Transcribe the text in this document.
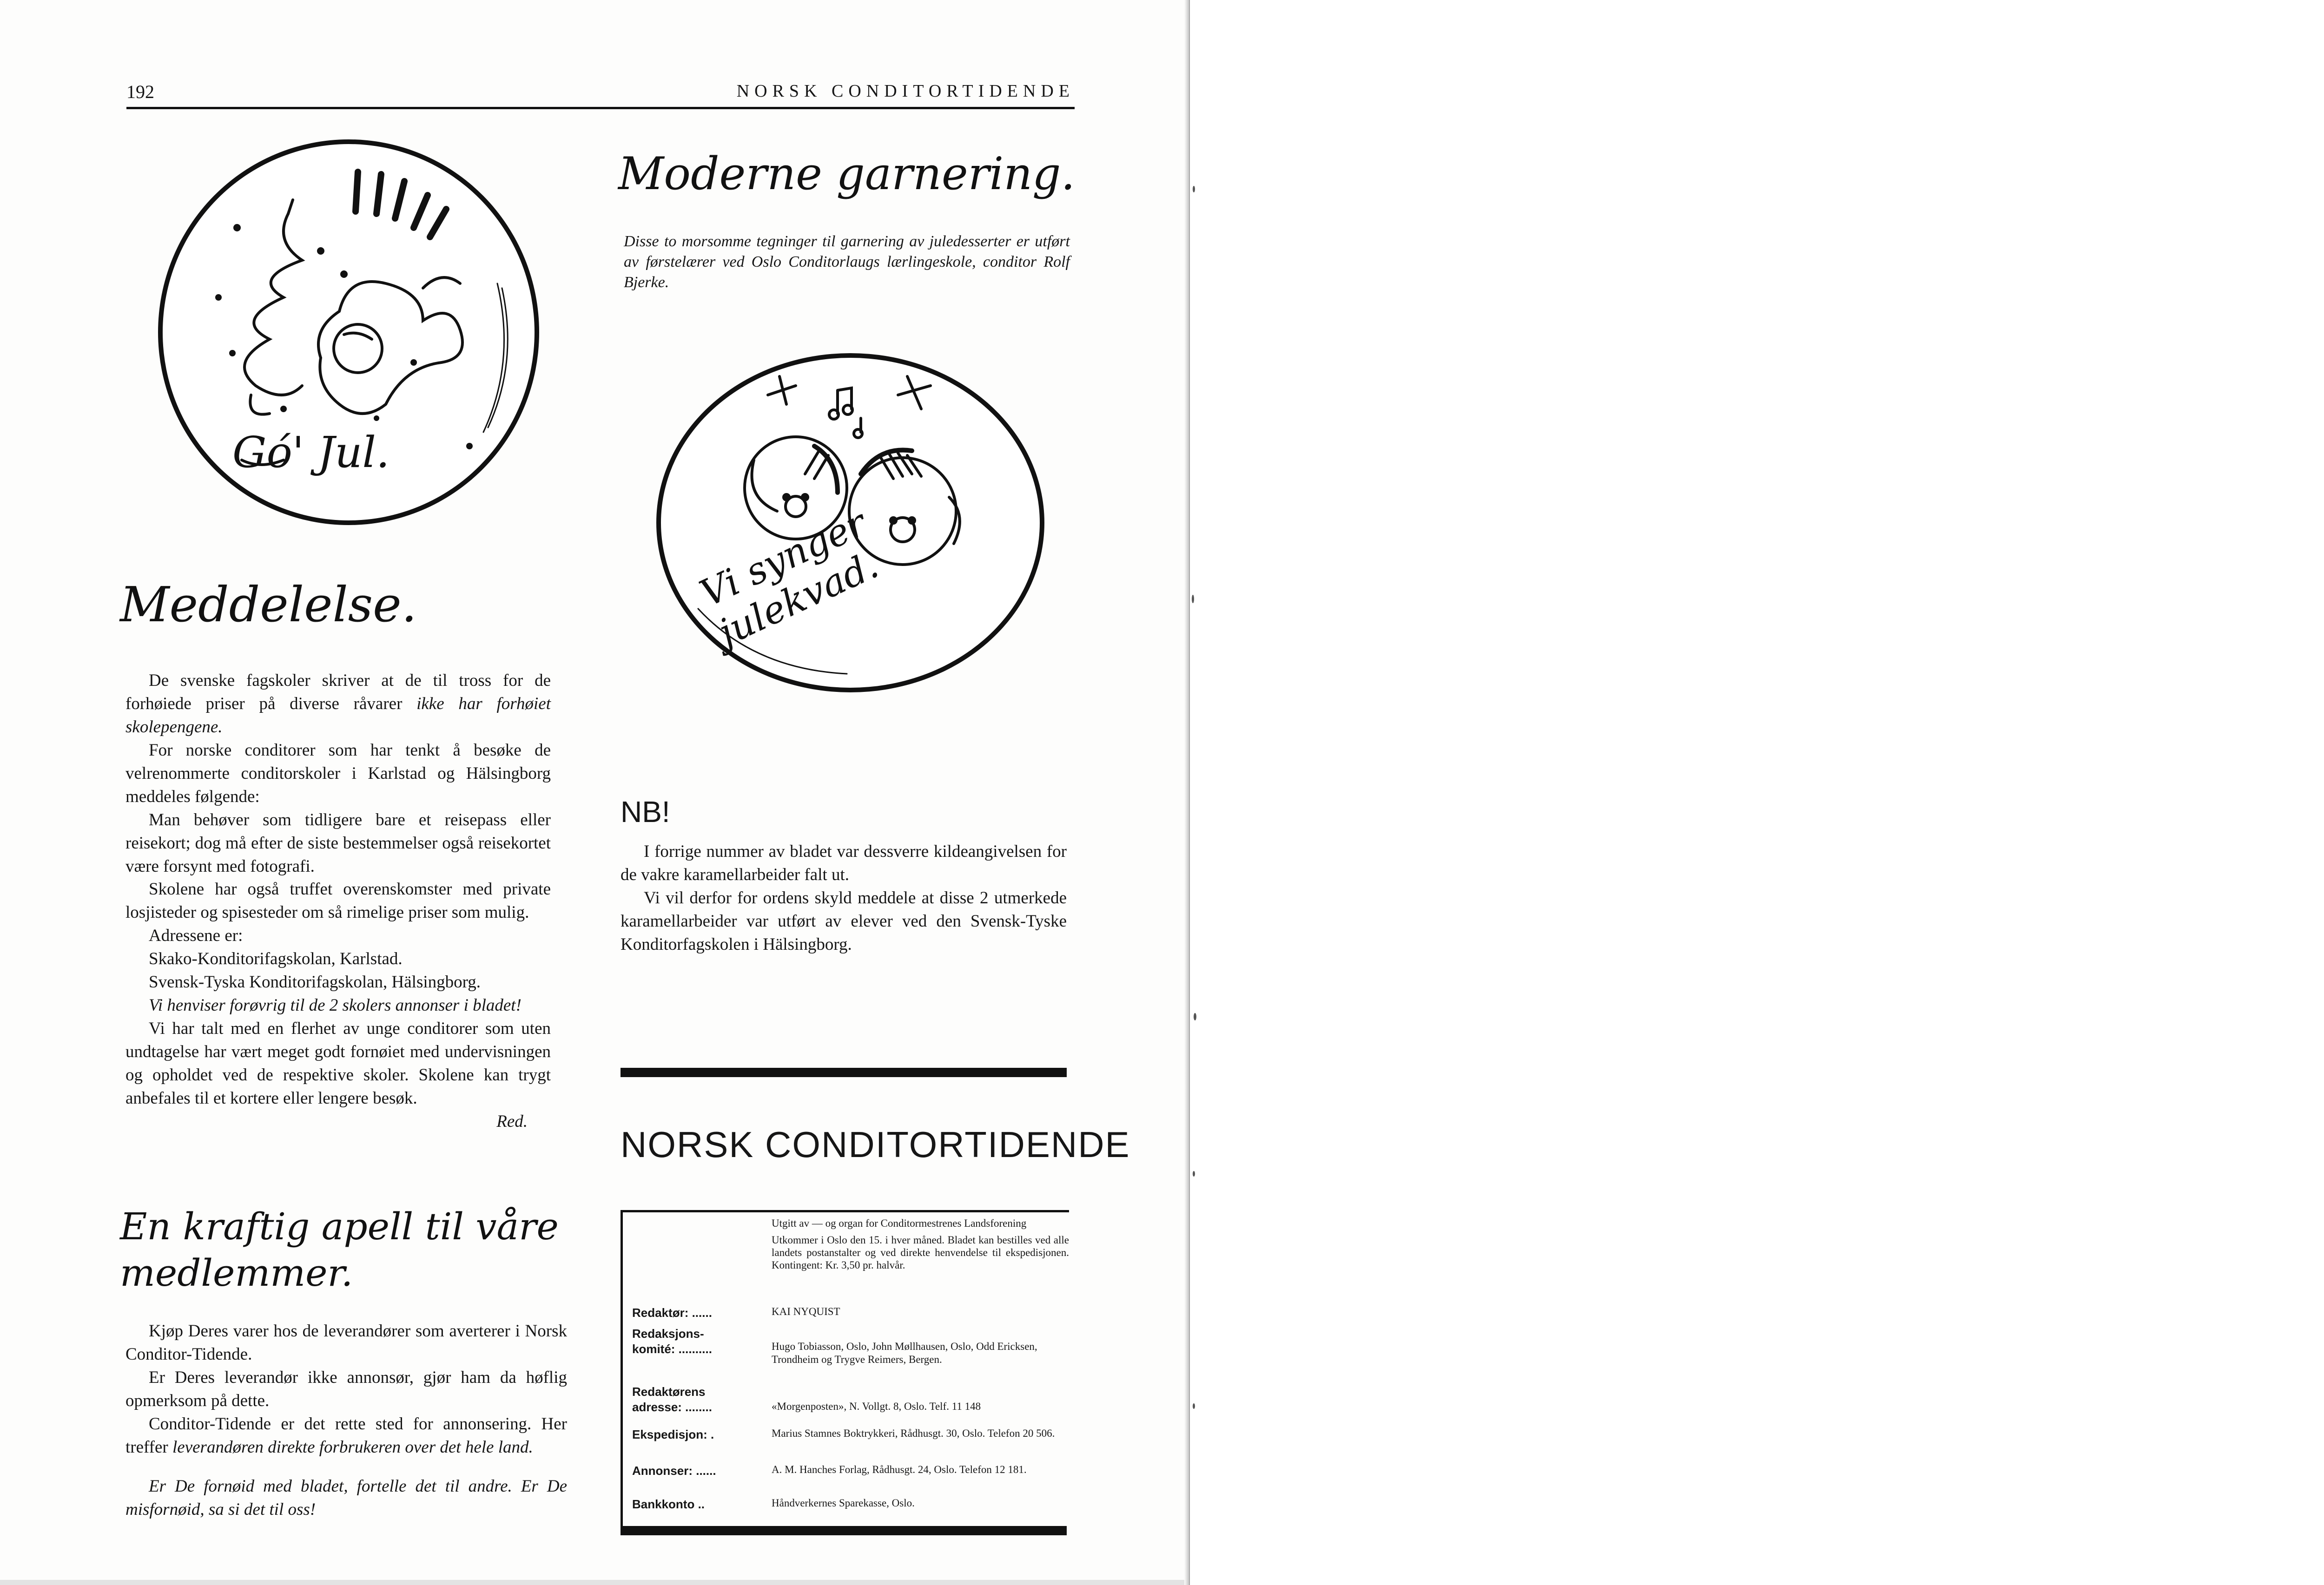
192	NORSK CONDITORTIDENDE
Gó' Jul.
Meddelelse.

De svenske fagskoler skriver at de til tross for de forhøiede priser på diverse råvarer ikke har forhøiet skolepengene.

For norske conditorer som har tenkt å besøke de velrenommerte conditorskoler i Karlstad og Hälsingborg meddeles følgende:

Man behøver som tidligere bare et reisepass eller reisekort; dog må efter de siste bestemmelser også reisekortet være forsynt med fotografi.

Skolene har også truffet overenskomster med private losjisteder og spisesteder om så rimelige priser som mulig.

Adressene er:

Skako-Konditorifagskolan, Karlstad.

Svensk-Tyska Konditorifagskolan, Hälsingborg.

Vi henviser forøvrig til de 2 skolers annonser i bladet!

Vi har talt med en flerhet av unge conditorer som uten undtagelse har vært meget godt fornøiet med undervisningen og opholdet ved de respektive skoler. Skolene kan trygt anbefales til et kortere eller lengere besøk.

Red.
En kraftig apell til våre medlemmer.

Kjøp Deres varer hos de leverandører som averterer i Norsk Conditor-Tidende.

Er Deres leverandør ikke annonsør, gjør ham da høflig opmerksom på dette.

Conditor-Tidende er det rette sted for annonsering. Her treffer leverandøren direkte forbrukeren over det hele land.

Er De fornøid med bladet, fortelle det til andre. Er De misfornøid, sa si det til oss!

Moderne garnering.
Disse to morsomme tegninger til garnering av juledesserter er utført av førstelærer ved Oslo Conditorlaugs lærlingeskole, conditor Rolf Bjerke.
Vi synger julekvad.
NB!

I forrige nummer av bladet var dessverre kildeangivelsen for de vakre karamellarbeider falt ut.

Vi vil derfor for ordens skyld meddele at disse 2 utmerkede karamellarbeider var utført av elever ved den Svensk-Tyske Konditorfagskolen i Hälsingborg.

NORSK CONDITORTIDENDE

Utgitt av — og organ for Conditormestrenes Landsforening

Utkommer i Oslo den 15. i hver måned. Bladet kan bestilles ved alle landets postanstalter og ved direkte henvendelse til ekspedisjonen. Kontingent: Kr. 3,50 pr. halvår.

Redaktør: ......	KAI NYQUIST
Redaksjons-
komité: ..........	Hugo Tobiasson, Oslo, John Møllhausen, Oslo, Odd Ericksen, Trondheim og Trygve Reimers, Bergen.
Redaktørens
adresse: ........	«Morgenposten», N. Vollgt. 8, Oslo. Telf. 11 148
Ekspedisjon: .	Marius Stamnes Boktrykkeri, Rådhusgt. 30, Oslo. Telefon 20 506.
Annonser: ......	A. M. Hanches Forlag, Rådhusgt. 24, Oslo. Telefon 12 181.
Bankkonto ..	Håndverkernes Sparekasse, Oslo.
